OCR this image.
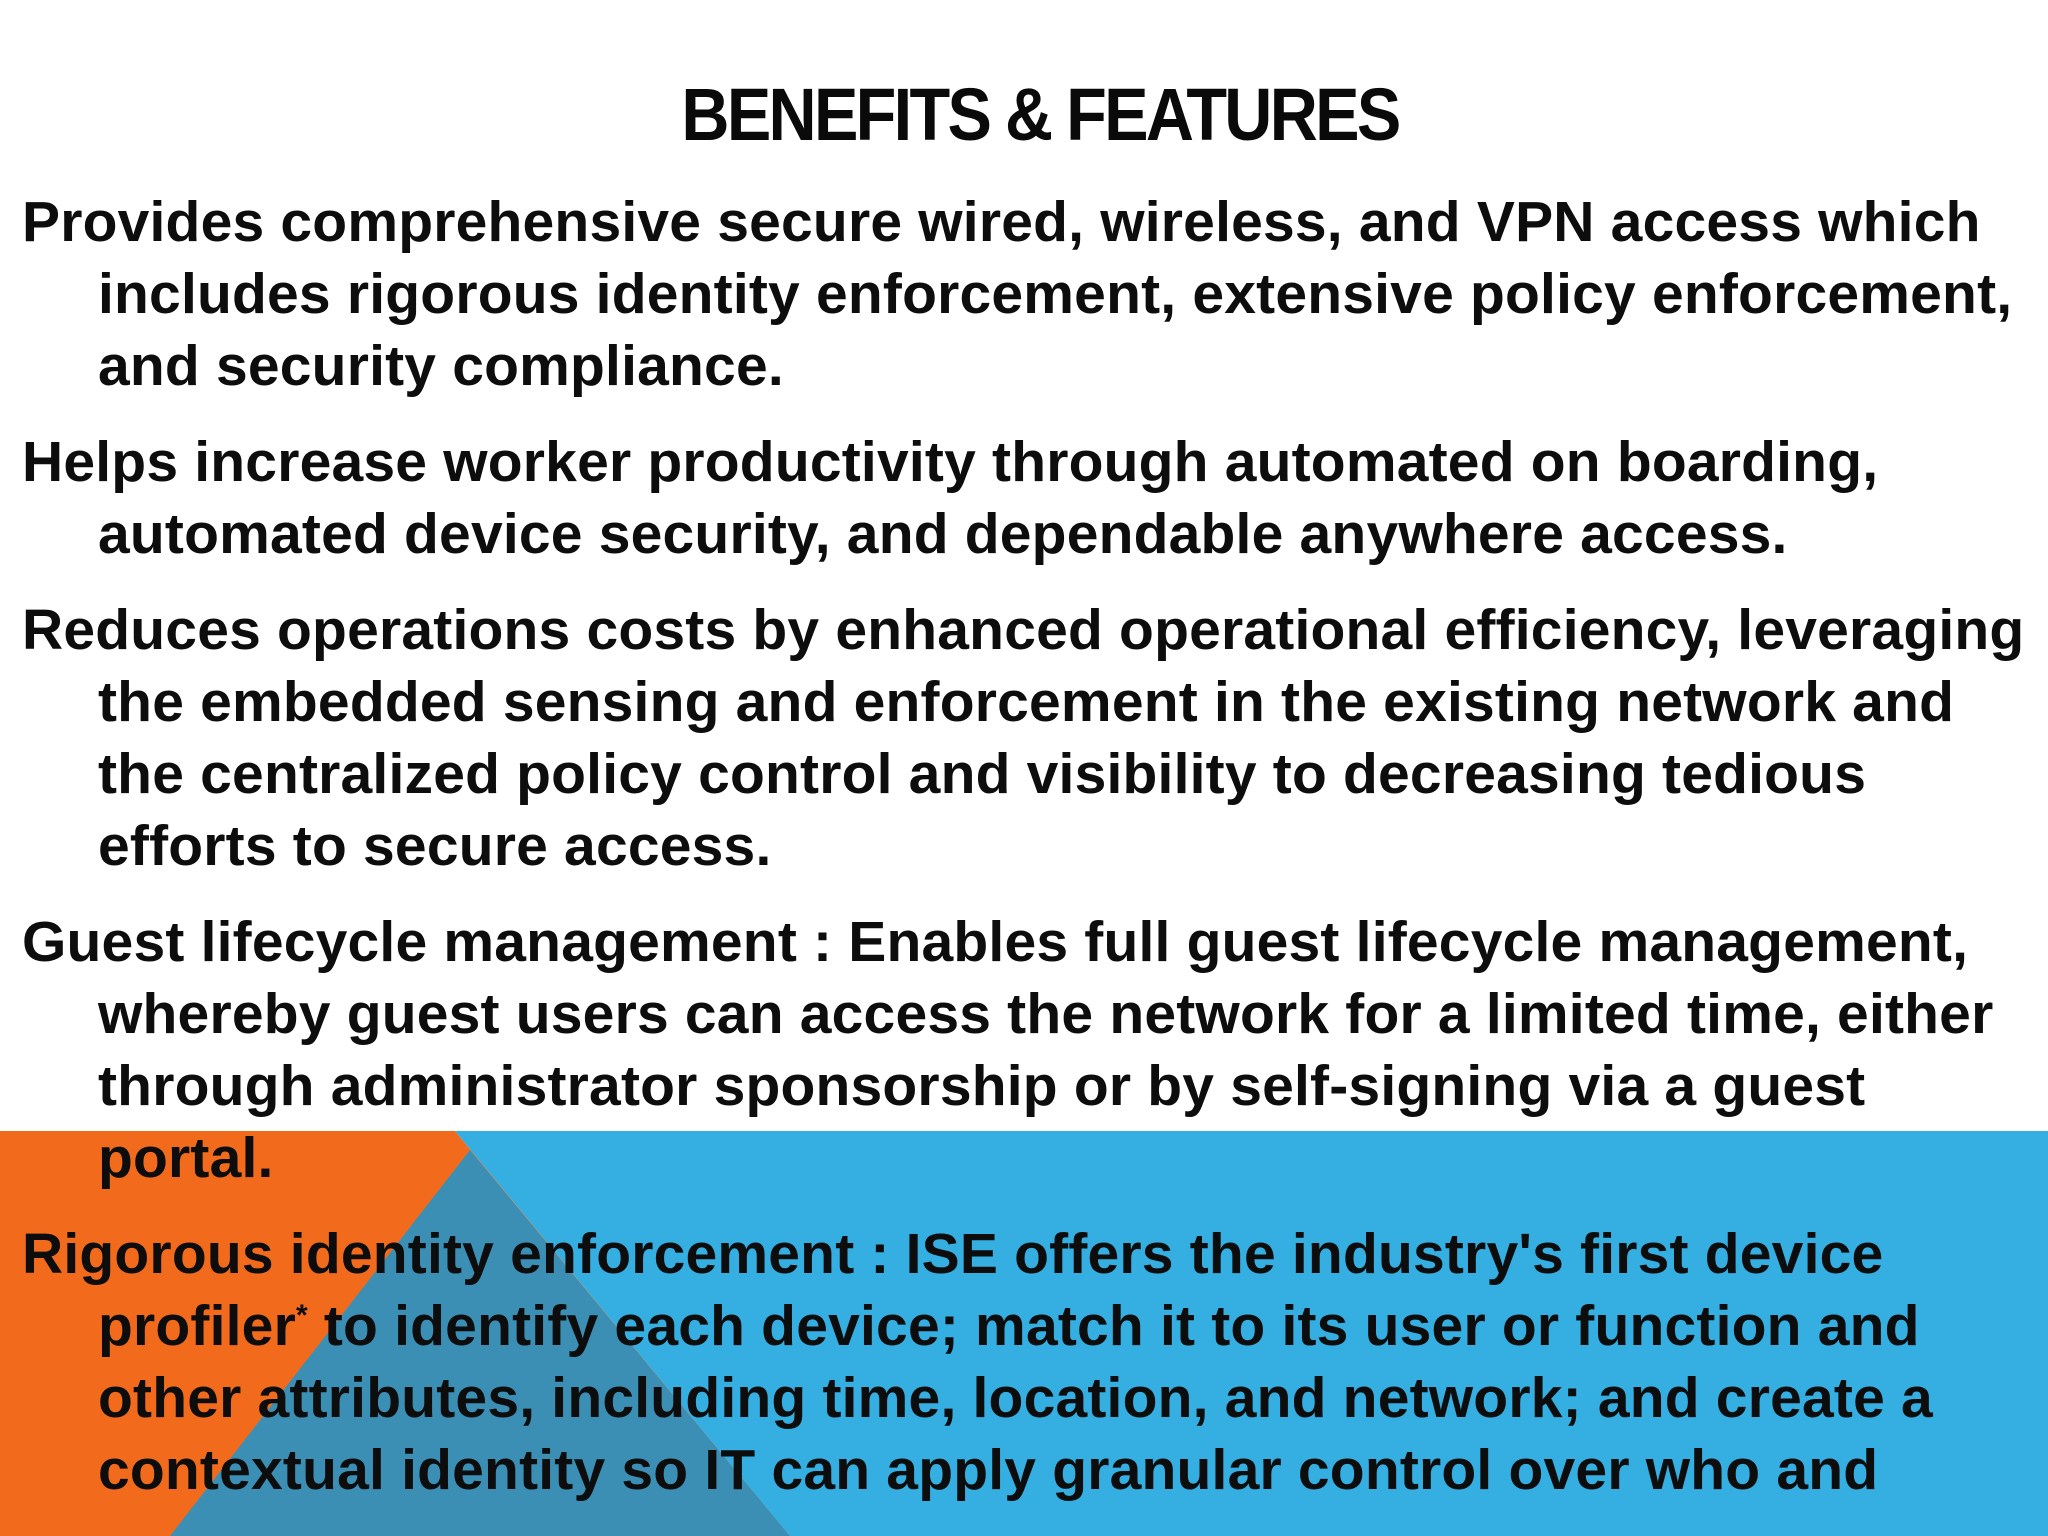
BENEFITS & FEATURES

Provides comprehensive secure wired, wireless, and VPN access which includes rigorous identity enforcement, extensive policy enforcement, and security compliance.

Helps increase worker productivity through automated on boarding, automated device security, and dependable anywhere access.

Reduces operations costs by enhanced operational efficiency, leveraging the embedded sensing and enforcement in the existing network and the centralized policy control and visibility to decreasing tedious efforts to secure access.

Guest lifecycle management : Enables full guest lifecycle management, whereby guest users can access the network for a limited time, either through administrator sponsorship or by self-signing via a guest portal.

Rigorous identity enforcement : ISE offers the industry's first device profiler* to identify each device; match it to its user or function and other attributes, including time, location, and network; and create a contextual identity so IT can apply granular control over who and
